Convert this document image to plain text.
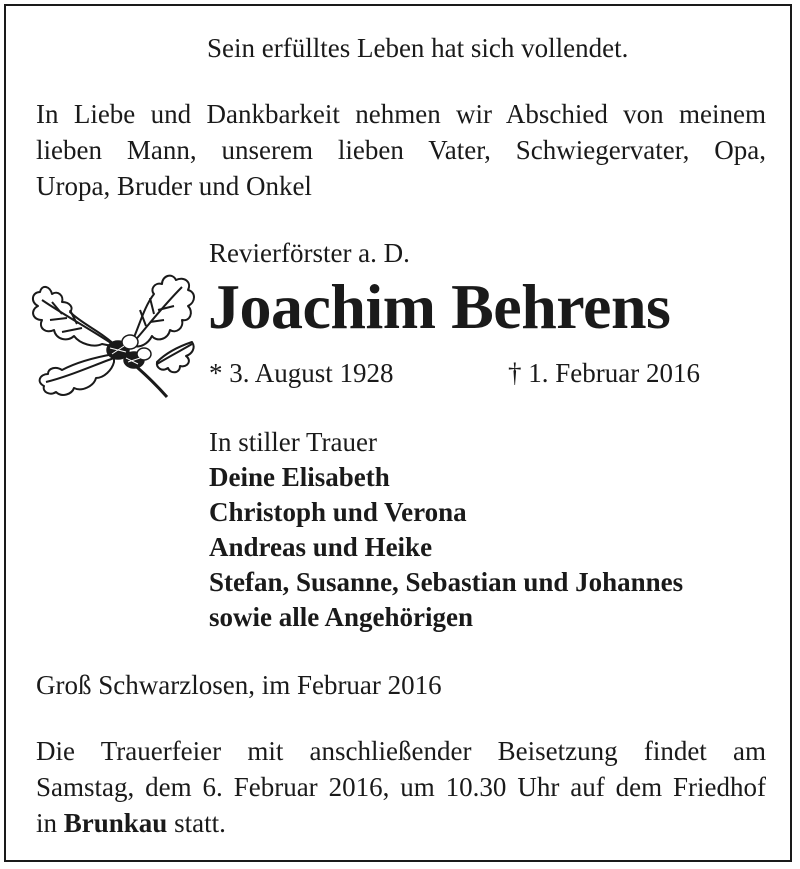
Sein erfülltes Leben hat sich vollendet.
In Liebe und Dankbarkeit nehmen wir Abschied von meinem
lieben Mann, unserem lieben Vater, Schwiegervater, Opa,
Uropa, Bruder und Onkel
Revierförster a. D.
Joachim Behrens
* 3. August 1928	† 1. Februar 2016
In stiller Trauer
Deine Elisabeth
Christoph und Verona
Andreas und Heike
Stefan, Susanne, Sebastian und Johannes
sowie alle Angehörigen
Groß Schwarzlosen, im Februar 2016
Die Trauerfeier mit anschließender Beisetzung findet am
Samstag, dem 6. Februar 2016, um 10.30 Uhr auf dem Friedhof
in Brunkau statt.
